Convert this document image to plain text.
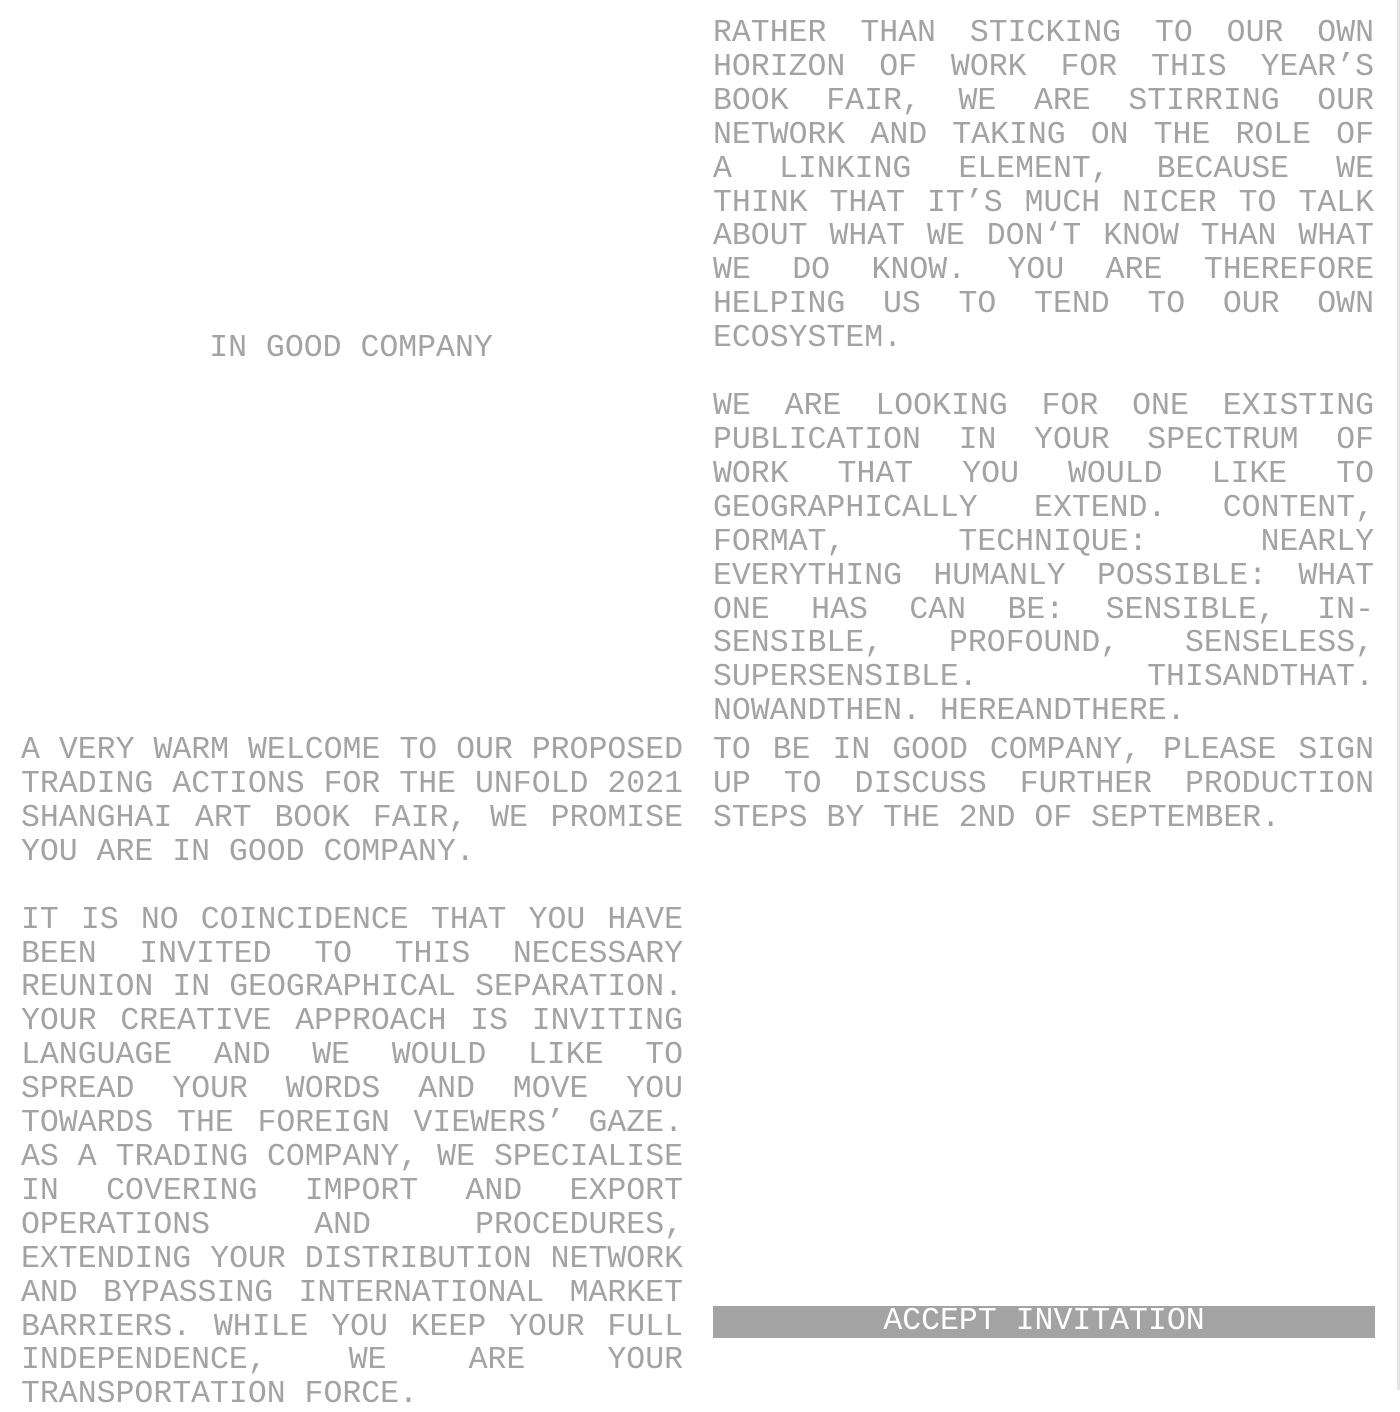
IN GOOD COMPANY

RATHER THAN STICKING TO OUR OWN HORIZON OF WORK FOR THIS YEAR’S BOOK FAIR, WE ARE STIRRING OUR NETWORK AND TAKING ON THE ROLE OF A LINKING ELEMENT, BECAUSE WE THINK THAT IT’S MUCH NICER TO TALK ABOUT WHAT WE DON‘T KNOW THAN WHAT WE DO KNOW. YOU ARE THEREFORE HELPING US TO TEND TO OUR OWN ECOSYSTEM.

WE ARE LOOKING FOR ONE EXISTING PUBLICATION IN YOUR SPECTRUM OF WORK THAT YOU WOULD LIKE TO GEOGRAPHICALLY EXTEND. CONTENT, FORMAT, TECHNIQUE: NEARLY EVERYTHING HUMANLY POSSIBLE: WHAT ONE HAS CAN BE: SENSIBLE, INSENSIBLE, PROFOUND, SENSELESS, SUPERSENSIBLE. THISANDTHAT. NOWANDTHEN. HEREANDTHERE.

A VERY WARM WELCOME TO OUR PROPOSED TRADING ACTIONS FOR THE UNFOLD 2021 SHANGHAI ART BOOK FAIR, WE PROMISE YOU ARE IN GOOD COMPANY.

IT IS NO COINCIDENCE THAT YOU HAVE BEEN INVITED TO THIS NECESSARY REUNION IN GEOGRAPHICAL SEPARATION. YOUR CREATIVE APPROACH IS INVITING LANGUAGE AND WE WOULD LIKE TO SPREAD YOUR WORDS AND MOVE YOU TOWARDS THE FOREIGN VIEWERS’ GAZE. AS A TRADING COMPANY, WE SPECIALISE IN COVERING IMPORT AND EXPORT OPERATIONS AND PROCEDURES, EXTENDING YOUR DISTRIBUTION NETWORK AND BYPASSING INTERNATIONAL MARKET BARRIERS. WHILE YOU KEEP YOUR FULL INDEPENDENCE, WE ARE YOUR TRANSPORTATION FORCE.

TO BE IN GOOD COMPANY, PLEASE SIGN UP TO DISCUSS FURTHER PRODUCTION STEPS BY THE 2ND OF SEPTEMBER.

ACCEPT INVITATION
